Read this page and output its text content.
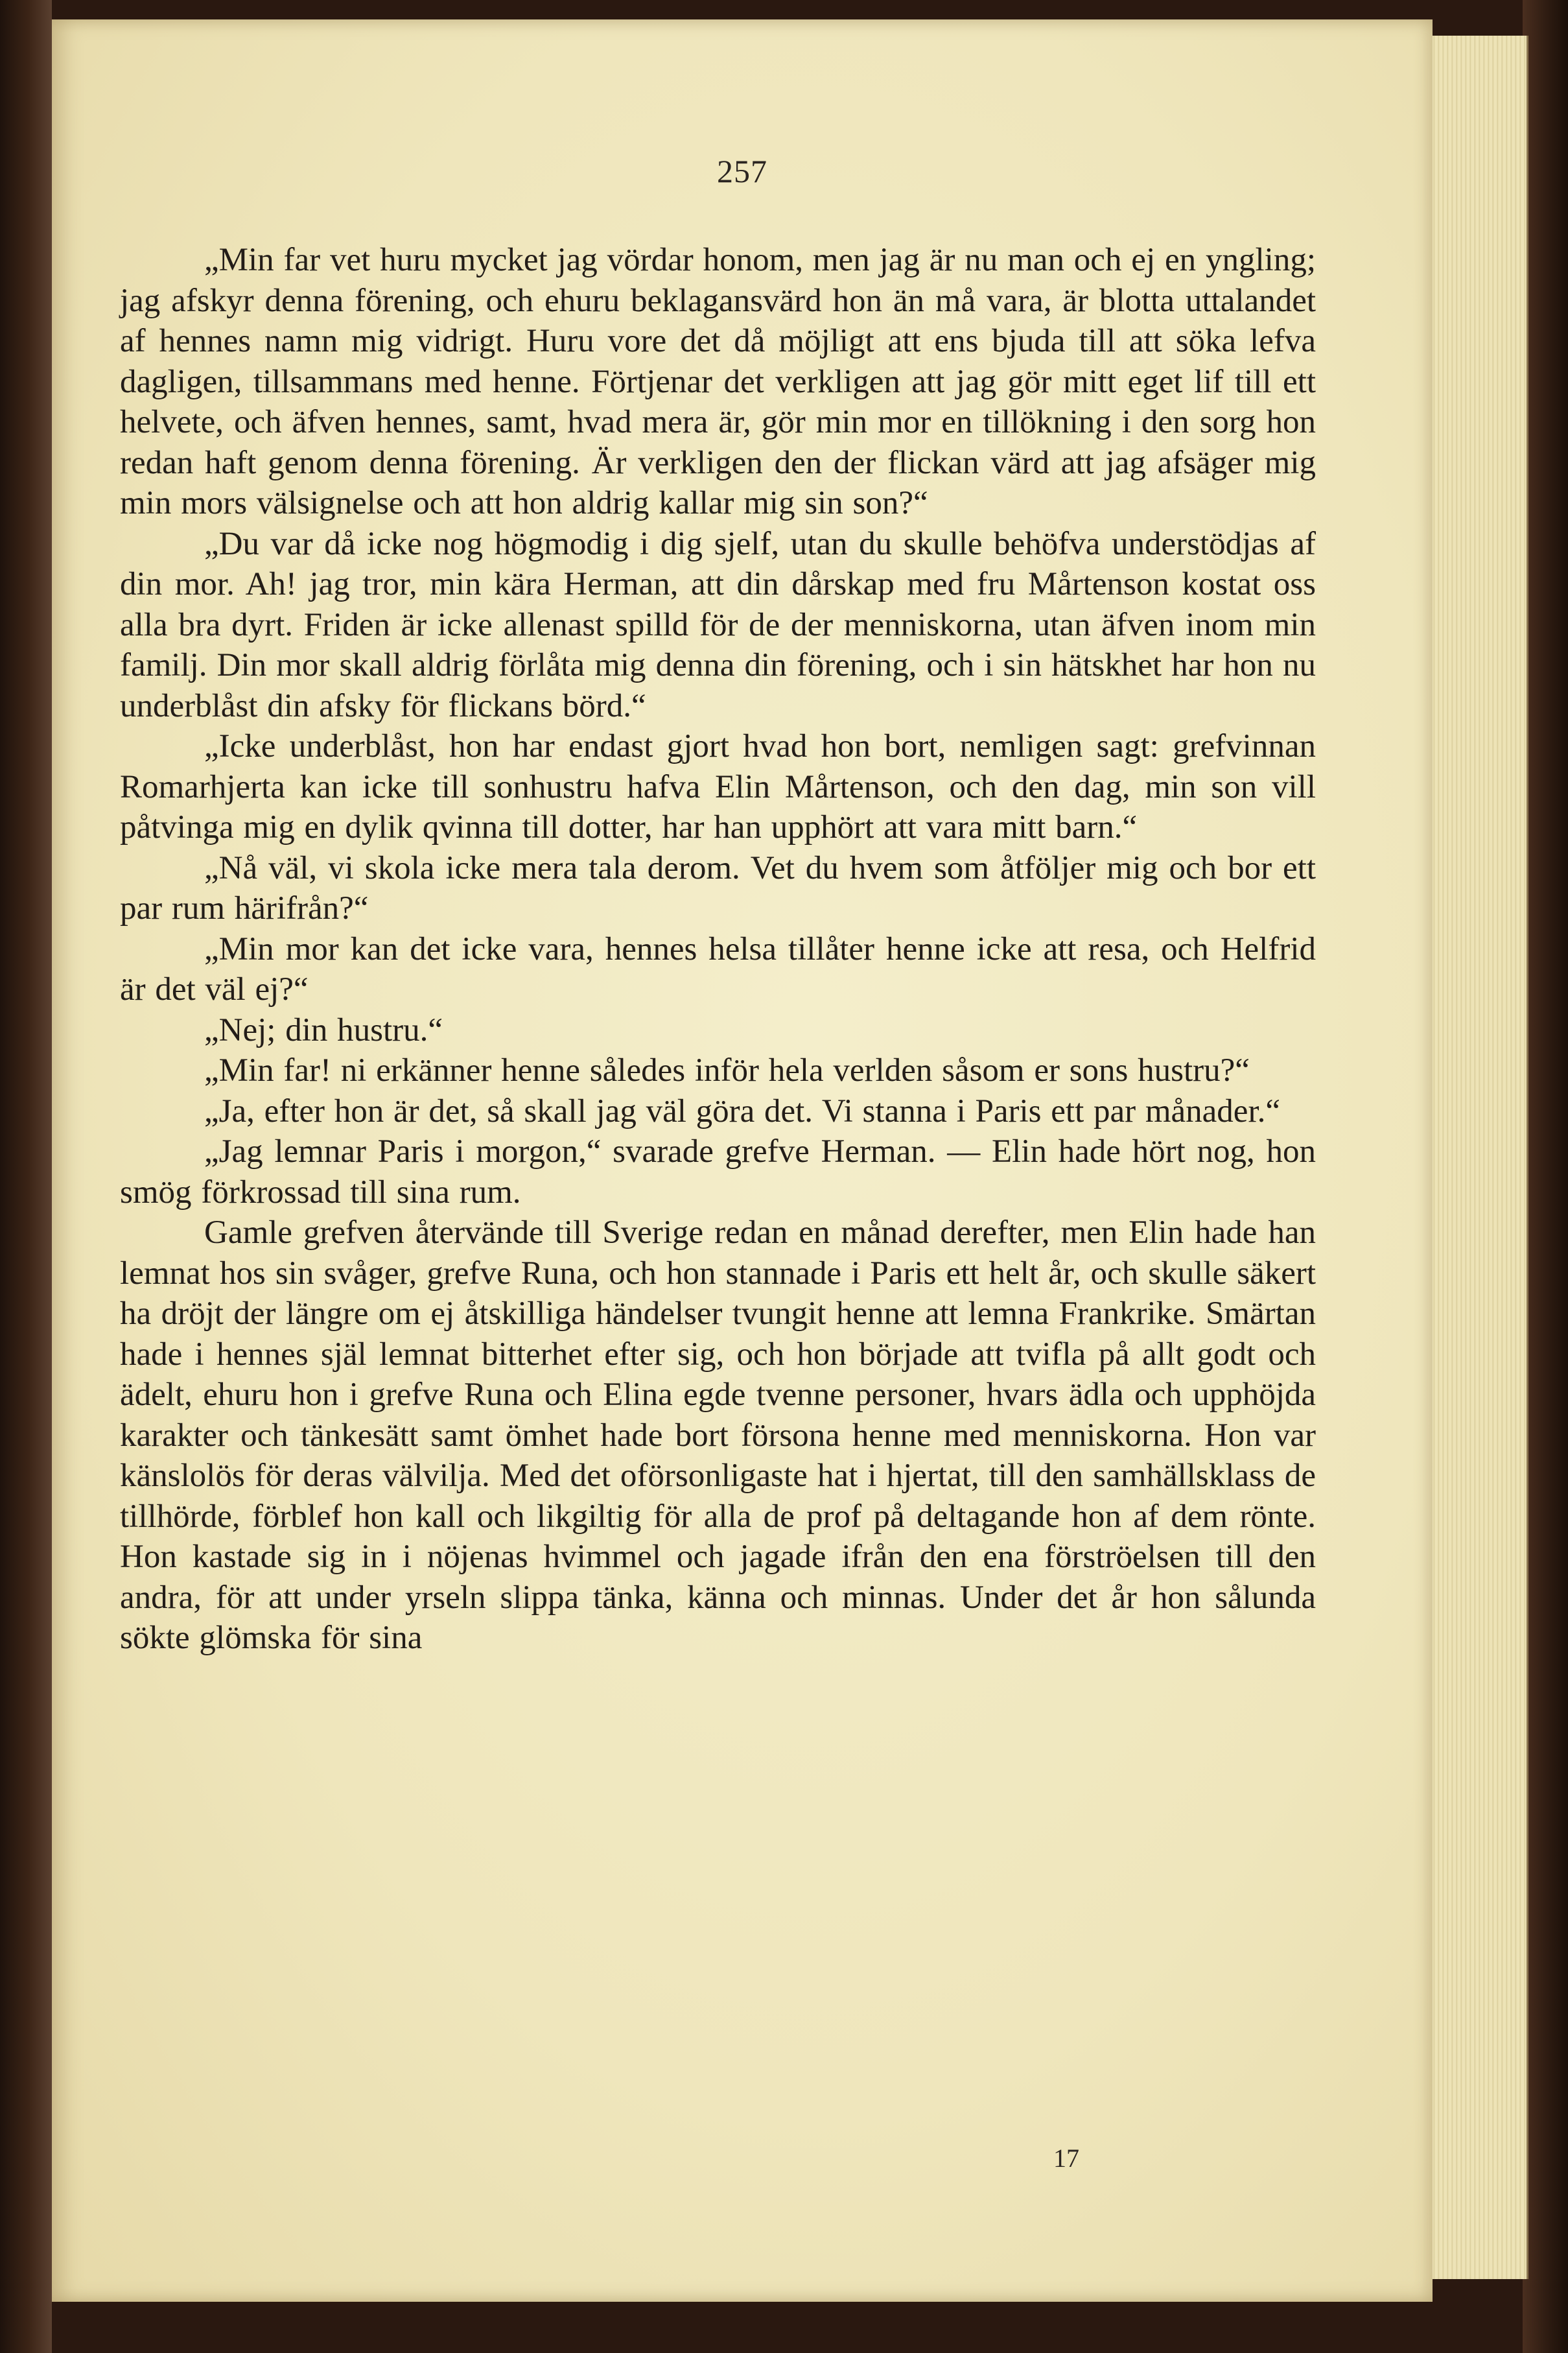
257

„Min far vet huru mycket jag vördar honom, men jag är nu man och ej en yngling; jag afskyr denna förening, och ehuru beklagansvärd hon än må vara, är blotta uttalandet af hennes namn mig vidrigt. Huru vore det då möjligt att ens bjuda till att söka lefva dagligen, tillsammans med henne. Förtjenar det verkligen att jag gör mitt eget lif till ett helvete, och äfven hennes, samt, hvad mera är, gör min mor en tillökning i den sorg hon redan haft genom denna förening. Är verkligen den der flickan värd att jag afsäger mig min mors välsignelse och att hon aldrig kallar mig sin son?“

„Du var då icke nog högmodig i dig sjelf, utan du skulle behöfva understödjas af din mor. Ah! jag tror, min kära Herman, att din dårskap med fru Mårtenson kostat oss alla bra dyrt. Friden är icke allenast spilld för de der menniskorna, utan äfven inom min familj. Din mor skall aldrig förlåta mig denna din förening, och i sin hätskhet har hon nu underblåst din afsky för flickans börd.“

„Icke underblåst, hon har endast gjort hvad hon bort, nemligen sagt: grefvinnan Romarhjerta kan icke till sonhustru hafva Elin Mårtenson, och den dag, min son vill påtvinga mig en dylik qvinna till dotter, har han upphört att vara mitt barn.“

„Nå väl, vi skola icke mera tala derom. Vet du hvem som åtföljer mig och bor ett par rum härifrån?“

„Min mor kan det icke vara, hennes helsa tillåter henne icke att resa, och Helfrid är det väl ej?“

„Nej; din hustru.“

„Min far! ni erkänner henne således inför hela verlden såsom er sons hustru?“

„Ja, efter hon är det, så skall jag väl göra det. Vi stanna i Paris ett par månader.“

„Jag lemnar Paris i morgon,“ svarade grefve Herman. — Elin hade hört nog, hon smög förkrossad till sina rum.

Gamle grefven återvände till Sverige redan en månad derefter, men Elin hade han lemnat hos sin svåger, grefve Runa, och hon stannade i Paris ett helt år, och skulle säkert ha dröjt der längre om ej åtskilliga händelser tvungit henne att lemna Frankrike. Smärtan hade i hennes själ lemnat bitterhet efter sig, och hon började att tvifla på allt godt och ädelt, ehuru hon i grefve Runa och Elina egde tvenne personer, hvars ädla och upphöjda karakter och tänkesätt samt ömhet hade bort försona henne med menniskorna. Hon var känslolös för deras välvilja. Med det oförsonligaste hat i hjertat, till den samhällsklass de tillhörde, förblef hon kall och likgiltig för alla de prof på deltagande hon af dem rönte. Hon kastade sig in i nöjenas hvimmel och jagade ifrån den ena förströelsen till den andra, för att under yrseln slippa tänka, känna och minnas. Under det år hon sålunda sökte glömska för sina

17
